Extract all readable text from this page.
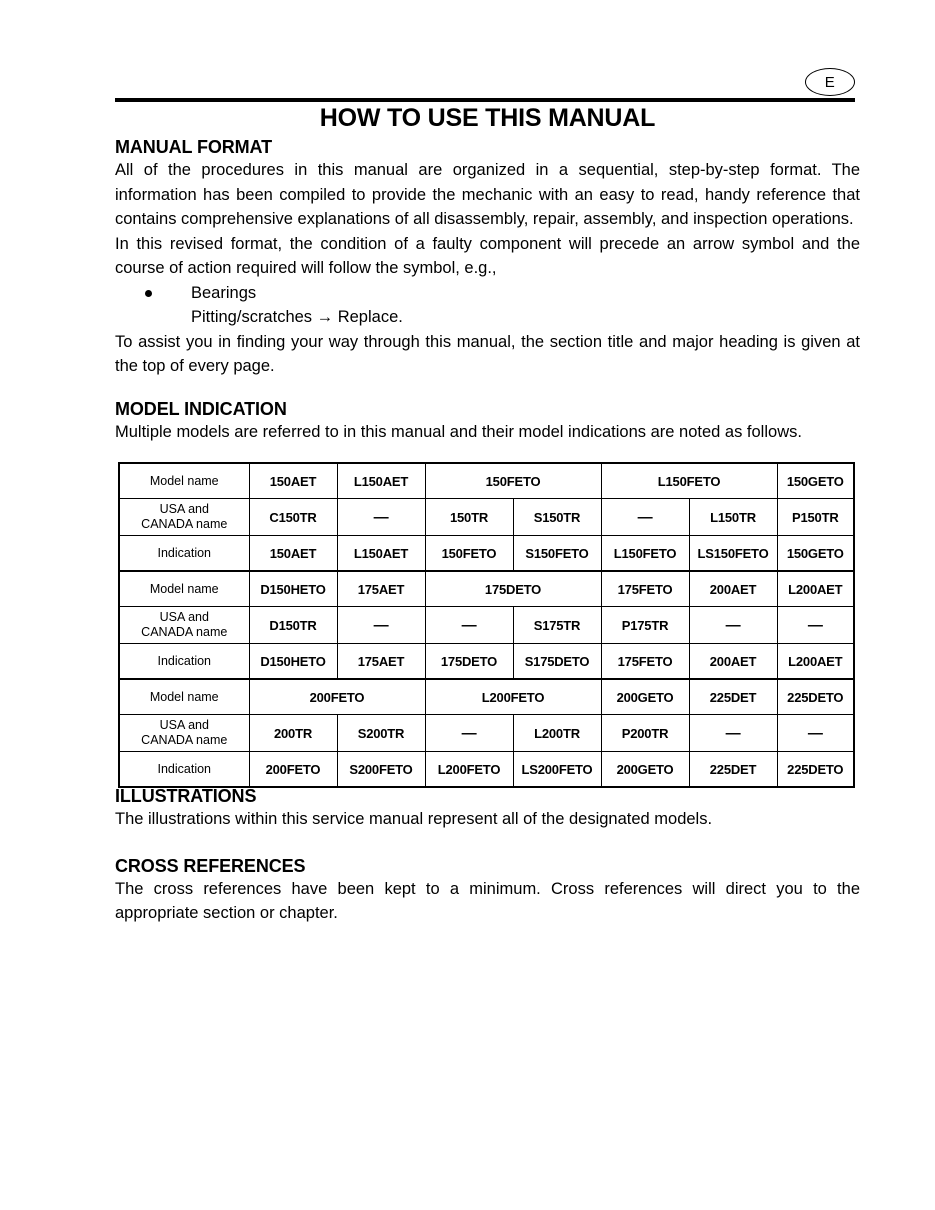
E
HOW TO USE THIS MANUAL
MANUAL FORMAT

All of the procedures in this manual are organized in a sequential, step-by-step format. The information has been compiled to provide the mechanic with an easy to read, handy reference that contains comprehensive explanations of all disassembly, repair, assembly, and inspection operations.

In this revised format, the condition of a faulty component will precede an arrow symbol and the course of action required will follow the symbol, e.g.,

Bearings
Pitting/scratches → Replace.

To assist you in finding your way through this manual, the section title and major heading is given at the top of every page.

MODEL INDICATION

Multiple models are referred to in this manual and their model indications are noted as follows.

Model name	150AET	L150AET	150FETO		L150FETO		150GETO
USA and
CANADA name	C150TR	—	150TR	S150TR	—	L150TR	P150TR
Indication	150AET	L150AET	150FETO	S150FETO	L150FETO	LS150FETO	150GETO
Model name	D150HETO	175AET	175DETO		175FETO	200AET	L200AET
USA and
CANADA name	D150TR	—	—	S175TR	P175TR	—	—
Indication	D150HETO	175AET	175DETO	S175DETO	175FETO	200AET	L200AET
Model name	200FETO		L200FETO		200GETO	225DET	225DETO
USA and
CANADA name	200TR	S200TR	—	L200TR	P200TR	—	—
Indication	200FETO	S200FETO	L200FETO	LS200FETO	200GETO	225DET	225DETO
ILLUSTRATIONS

The illustrations within this service manual represent all of the designated models.

CROSS REFERENCES

The cross references have been kept to a minimum. Cross references will direct you to the appropriate section or chapter.
